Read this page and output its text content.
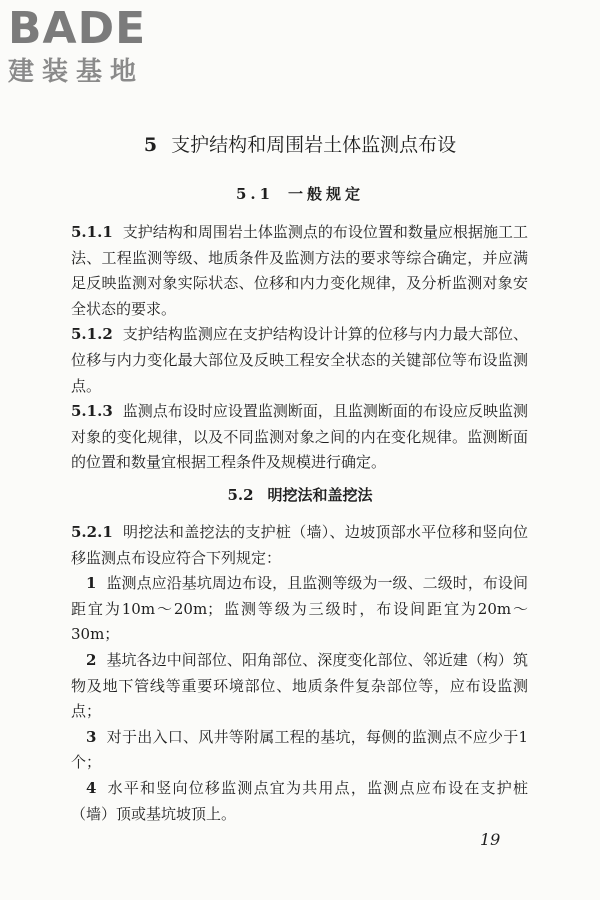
BADE
建装基地
5 支护结构和周围岩土体监测点布设
5.1 一般规定

5.1.1 支护结构和周围岩土体监测点的布设位置和数量应根据施工工法、工程监测等级、地质条件及监测方法的要求等综合确定，并应满足反映监测对象实际状态、位移和内力变化规律，及分析监测对象安全状态的要求。

5.1.2 支护结构监测应在支护结构设计计算的位移与内力最大部位、位移与内力变化最大部位及反映工程安全状态的关键部位等布设监测点。

5.1.3 监测点布设时应设置监测断面，且监测断面的布设应反映监测对象的变化规律，以及不同监测对象之间的内在变化规律。监测断面的位置和数量宜根据工程条件及规模进行确定。

5.2 明挖法和盖挖法

5.2.1 明挖法和盖挖法的支护桩（墙）、边坡顶部水平位移和竖向位移监测点布设应符合下列规定：

1 监测点应沿基坑周边布设，且监测等级为一级、二级时，布设间距宜为10m～20m；监测等级为三级时，布设间距宜为20m～30m；

2 基坑各边中间部位、阳角部位、深度变化部位、邻近建（构）筑物及地下管线等重要环境部位、地质条件复杂部位等，应布设监测点；

3 对于出入口、风井等附属工程的基坑，每侧的监测点不应少于1个；

4 水平和竖向位移监测点宜为共用点，监测点应布设在支护桩（墙）顶或基坑坡顶上。

19
